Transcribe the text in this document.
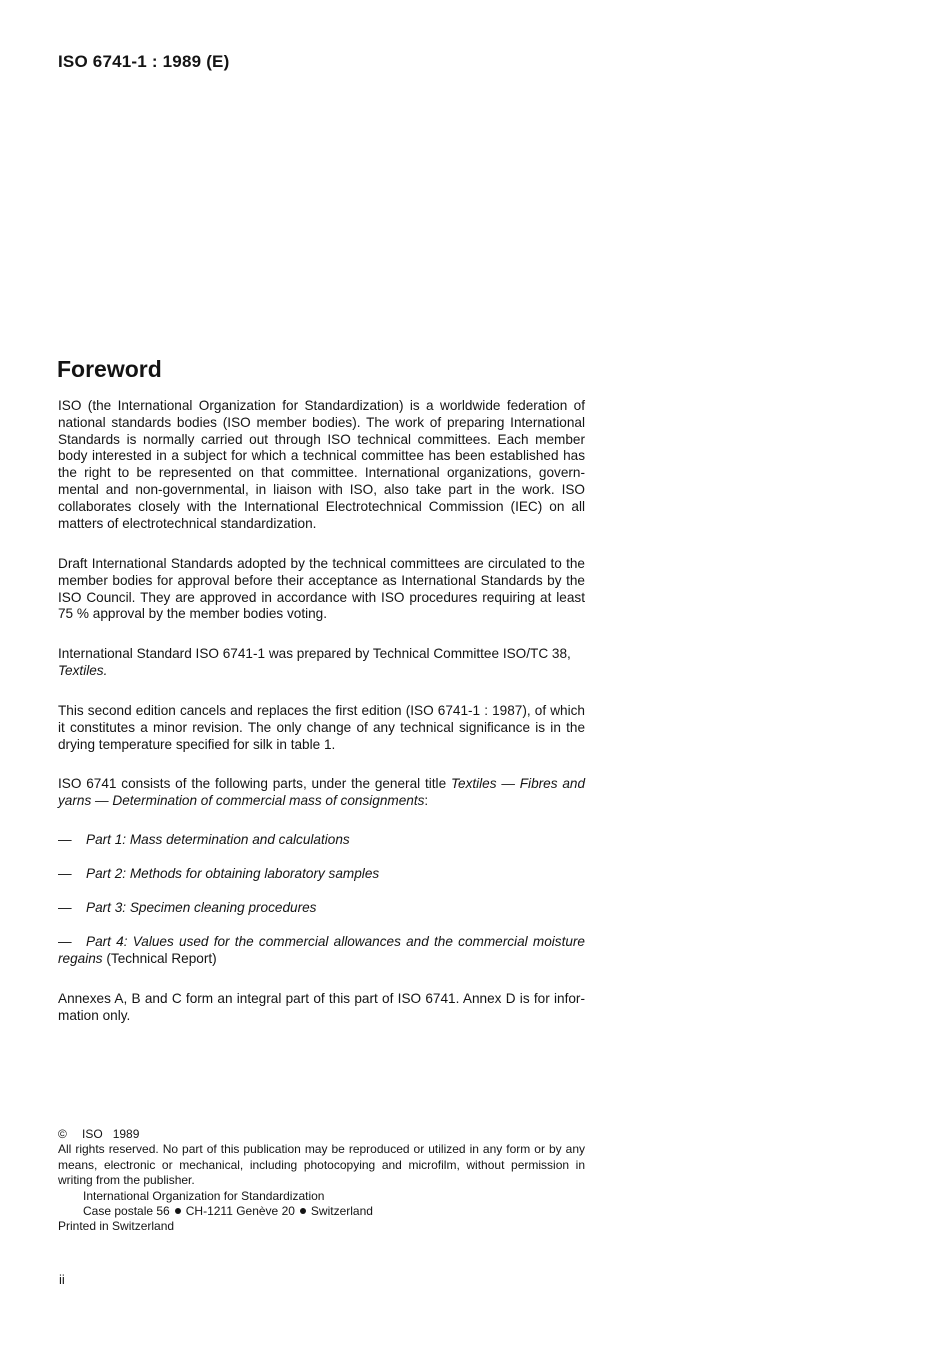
ISO 6741-1 : 1989 (E)
Foreword

ISO (the International Organization for Standardization) is a worldwide federation of national standards bodies (ISO member bodies). The work of preparing International Standards is normally carried out through ISO technical committees. Each member body interested in a subject for which a technical committee has been established has the right to be represented on that committee. International organizations, governmental and non-governmental, in liaison with ISO, also take part in the work. ISO collaborates closely with the International Electrotechnical Commission (IEC) on all matters of electrotechnical standardization.

Draft International Standards adopted by the technical committees are circulated to the member bodies for approval before their acceptance as International Standards by the ISO Council. They are approved in accordance with ISO procedures requiring at least 75 % approval by the member bodies voting.

International Standard ISO 6741-1 was prepared by Technical Committee ISO/TC 38, Textiles.

This second edition cancels and replaces the first edition (ISO 6741-1 : 1987), of which it constitutes a minor revision. The only change of any technical significance is in the drying temperature specified for silk in table 1.

ISO 6741 consists of the following parts, under the general title Textiles — Fibres and yarns — Determination of commercial mass of consignments:

— Part 1: Mass determination and calculations

— Part 2: Methods for obtaining laboratory samples

— Part 3: Specimen cleaning procedures

— Part 4: Values used for the commercial allowances and the commercial moisture regains (Technical Report)

Annexes A, B and C form an integral part of this part of ISO 6741. Annex D is for information only.

© ISO 1989

All rights reserved. No part of this publication may be reproduced or utilized in any form or by any means, electronic or mechanical, including photocopying and microfilm, without permission in writing from the publisher.

International Organization for Standardization

Case postale 56 CH-1211 Genève 20 Switzerland

Printed in Switzerland

ii
